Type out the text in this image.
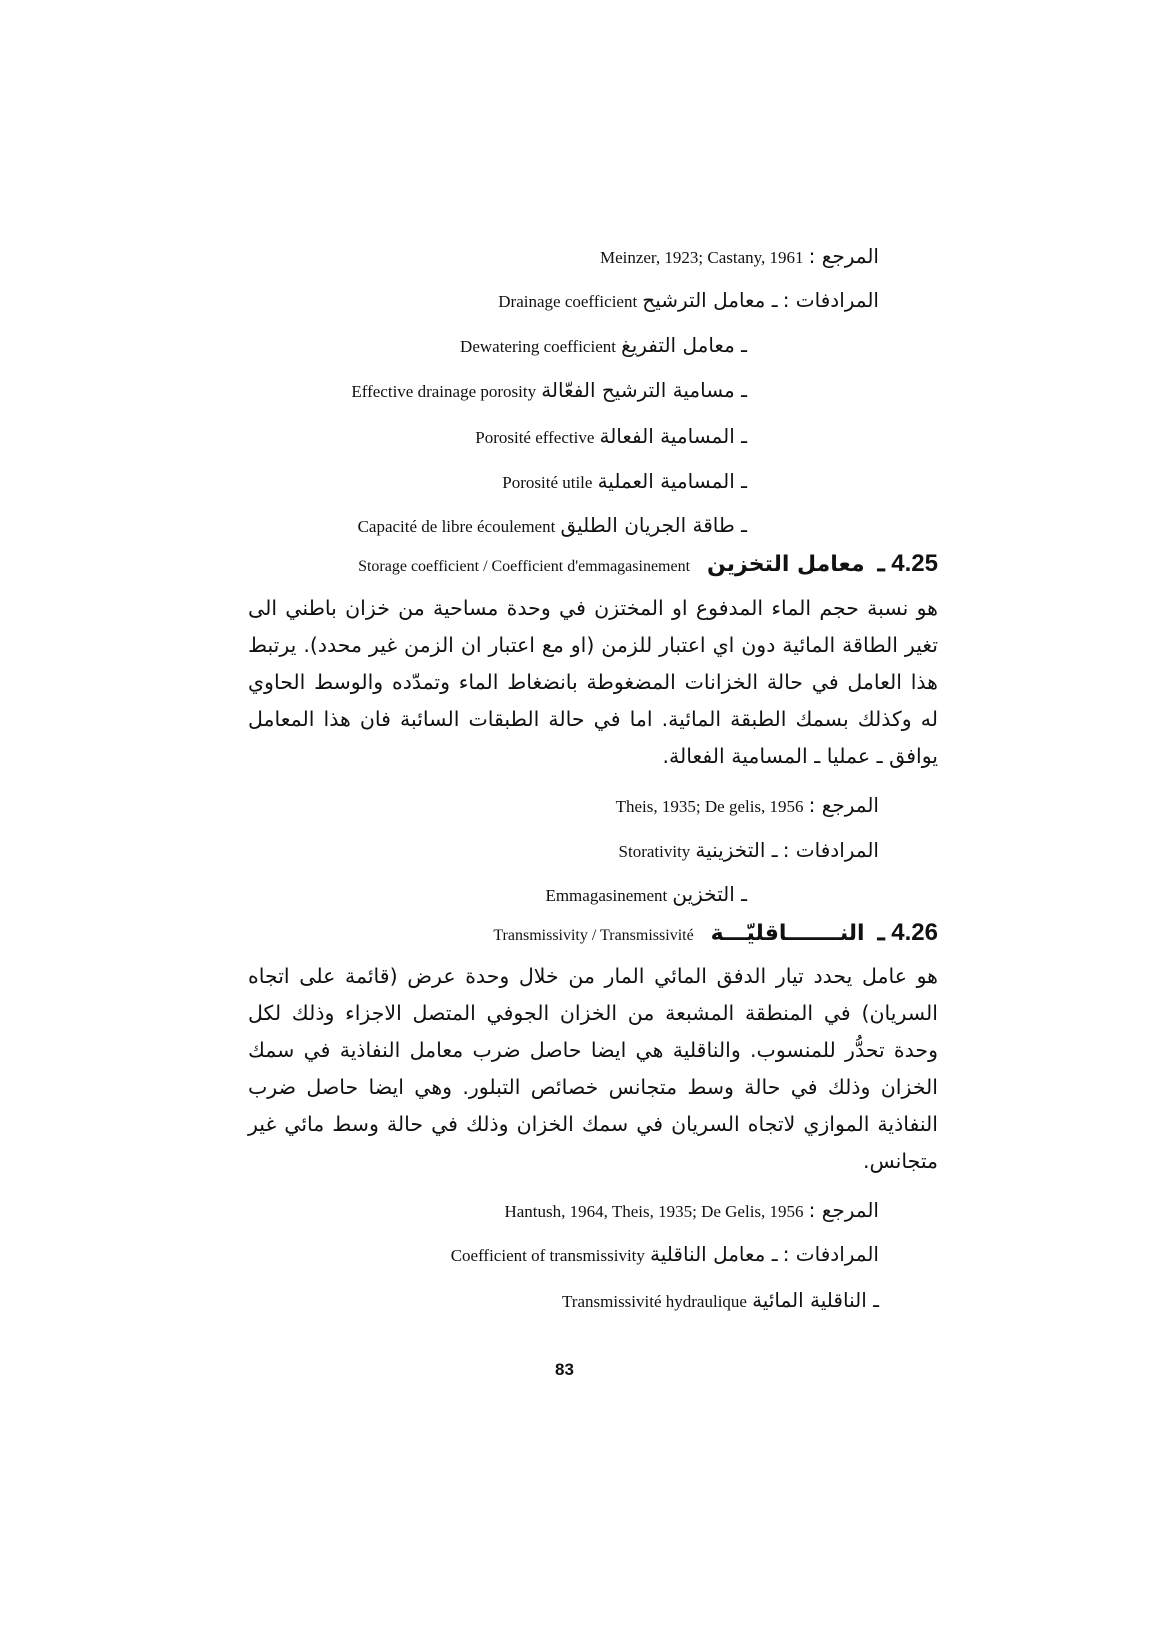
المرجع : Meinzer, 1923; Castany, 1961
المرادفات : ـ معامل الترشيح Drainage coefficient
ـ معامل التفريغ Dewatering coefficient
ـ مسامية الترشيح الفعّالة Effective drainage porosity
ـ المسامية الفعالة Porosité effective
ـ المسامية العملية Porosité utile
ـ طاقة الجريان الطليق Capacité de libre écoulement
4.25 ـ معامل التخزين Storage coefficient / Coefficient d'emmagasinement
هو نسبة حجم الماء المدفوع او المختزن في وحدة مساحية من خزان باطني الى تغير الطاقة المائية دون اي اعتبار للزمن (او مع اعتبار ان الزمن غير محدد). يرتبط هذا العامل في حالة الخزانات المضغوطة بانضغاط الماء وتمدّده والوسط الحاوي له وكذلك بسمك الطبقة المائية. اما في حالة الطبقات السائبة فان هذا المعامل يوافق ـ عمليا ـ المسامية الفعالة.
المرجع : Theis, 1935; De gelis, 1956
المرادفات : ـ التخزينية Storativity
ـ التخزين Emmagasinement
4.26 ـ النـــــــاقليّـــة Transmissivity / Transmissivité
هو عامل يحدد تيار الدفق المائي المار من خلال وحدة عرض (قائمة على اتجاه السريان) في المنطقة المشبعة من الخزان الجوفي المتصل الاجزاء وذلك لكل وحدة تحدُّر للمنسوب. والناقلية هي ايضا حاصل ضرب معامل النفاذية في سمك الخزان وذلك في حالة وسط متجانس خصائص التبلور. وهي ايضا حاصل ضرب النفاذية الموازي لاتجاه السريان في سمك الخزان وذلك في حالة وسط مائي غير متجانس.
المرجع : Hantush, 1964, Theis, 1935; De Gelis, 1956
المرادفات : ـ معامل الناقلية Coefficient of transmissivity
ـ الناقلية المائية Transmissivité hydraulique
83
